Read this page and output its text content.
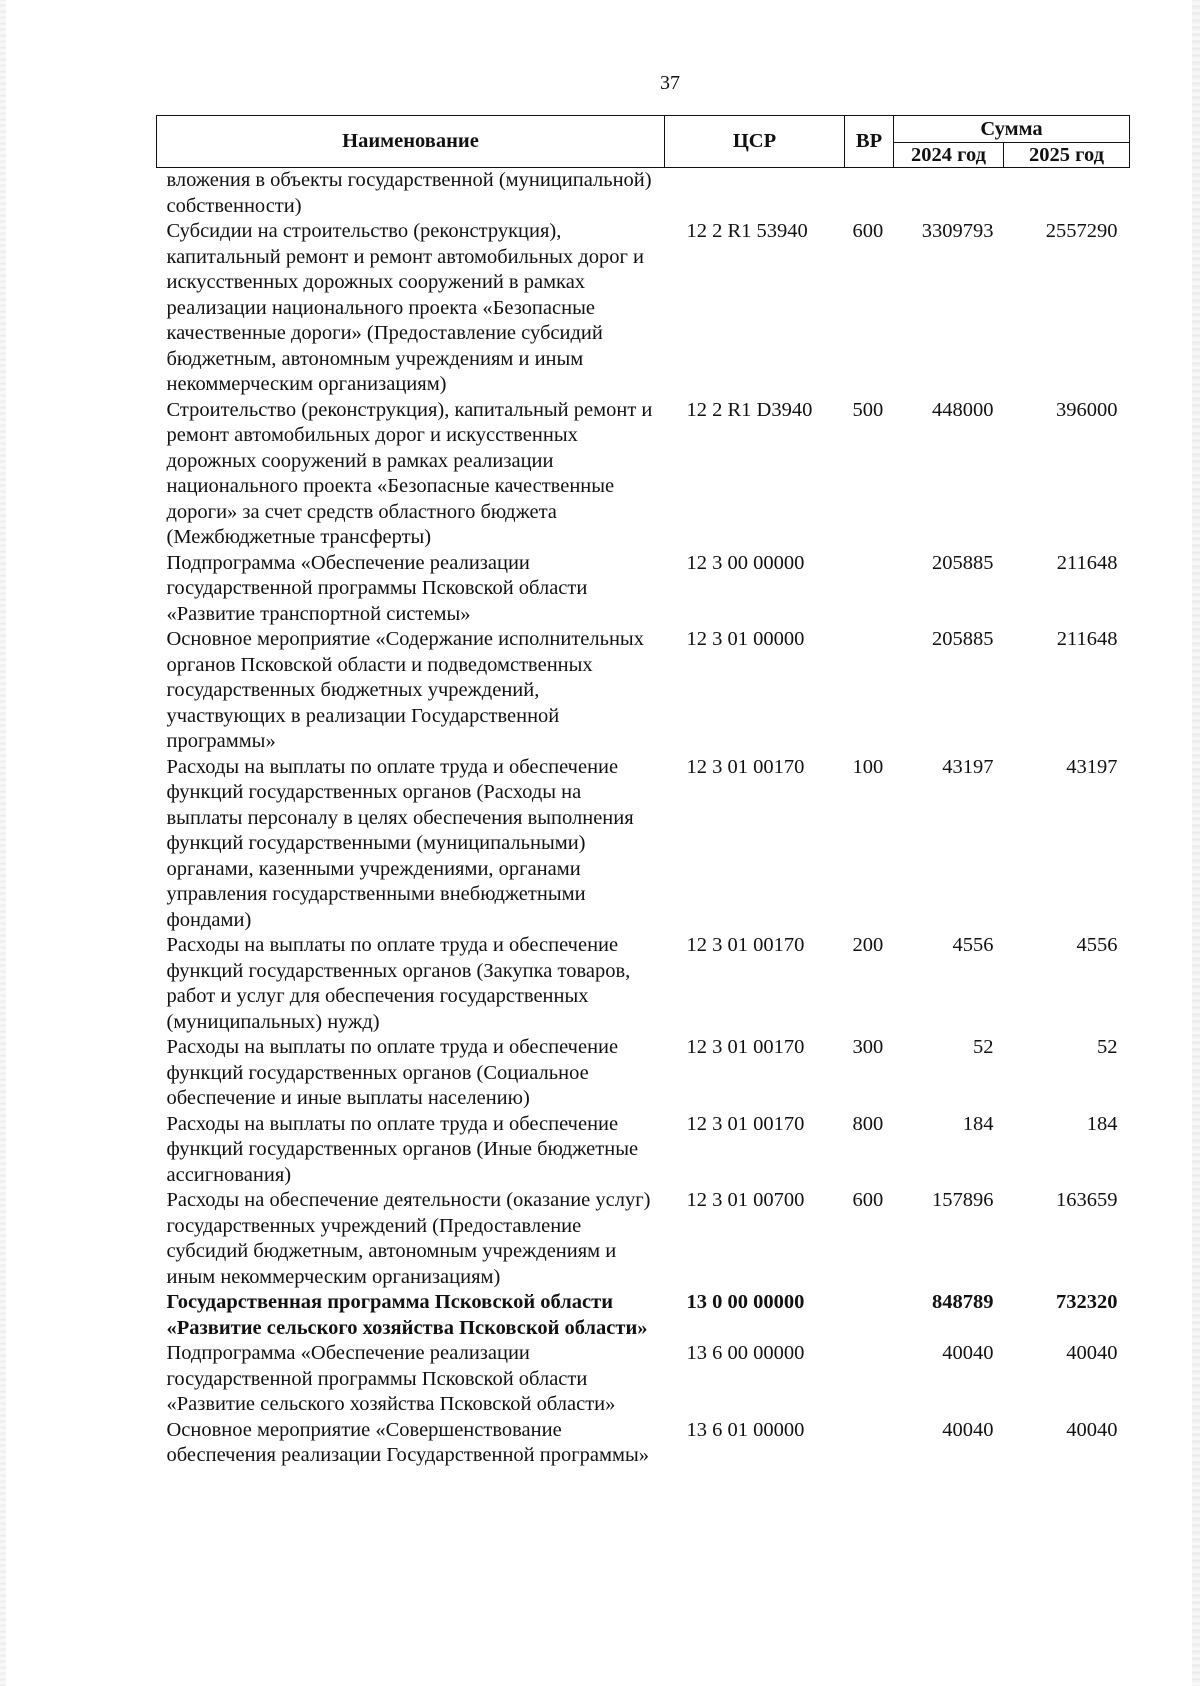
37
Наименование	ЦСР	ВР	Сумма	
			2024 год	2025 год
вложения в объекты государственной (муниципальной) собственности)				
Субсидии на строительство (реконструкция), капитальный ремонт и ремонт автомобильных дорог и искусственных дорожных сооружений в рамках реализации национального проекта «Безопасные качественные дороги» (Предоставление субсидий бюджетным, автономным учреждениям и иным некоммерческим организациям)	12 2 R1 53940	600	3309793	2557290
Строительство (реконструкция), капитальный ремонт и ремонт автомобильных дорог и искусственных дорожных сооружений в рамках реализации национального проекта «Безопасные качественные дороги» за счет средств областного бюджета (Межбюджетные трансферты)	12 2 R1 D3940	500	448000	396000
Подпрограмма «Обеспечение реализации государственной программы Псковской области «Развитие транспортной системы»	12 3 00 00000		205885	211648
Основное мероприятие «Содержание исполнительных органов Псковской области и подведомственных государственных бюджетных учреждений, участвующих в реализации Государственной программы»	12 3 01 00000		205885	211648
Расходы на выплаты по оплате труда и обеспечение функций государственных органов (Расходы на выплаты персоналу в целях обеспечения выполнения функций государственными (муниципальными) органами, казенными учреждениями, органами управления государственными внебюджетными фондами)	12 3 01 00170	100	43197	43197
Расходы на выплаты по оплате труда и обеспечение функций государственных органов (Закупка товаров, работ и услуг для обеспечения государственных (муниципальных) нужд)	12 3 01 00170	200	4556	4556
Расходы на выплаты по оплате труда и обеспечение функций государственных органов (Социальное обеспечение и иные выплаты населению)	12 3 01 00170	300	52	52
Расходы на выплаты по оплате труда и обеспечение функций государственных органов (Иные бюджетные ассигнования)	12 3 01 00170	800	184	184
Расходы на обеспечение деятельности (оказание услуг) государственных учреждений (Предоставление субсидий бюджетным, автономным учреждениям и иным некоммерческим организациям)	12 3 01 00700	600	157896	163659
Государственная программа Псковской области «Развитие сельского хозяйства Псковской области»	13 0 00 00000		848789	732320
Подпрограмма «Обеспечение реализации государственной программы Псковской области «Развитие сельского хозяйства Псковской области»	13 6 00 00000		40040	40040
Основное мероприятие «Совершенствование обеспечения реализации Государственной программы»	13 6 01 00000		40040	40040
